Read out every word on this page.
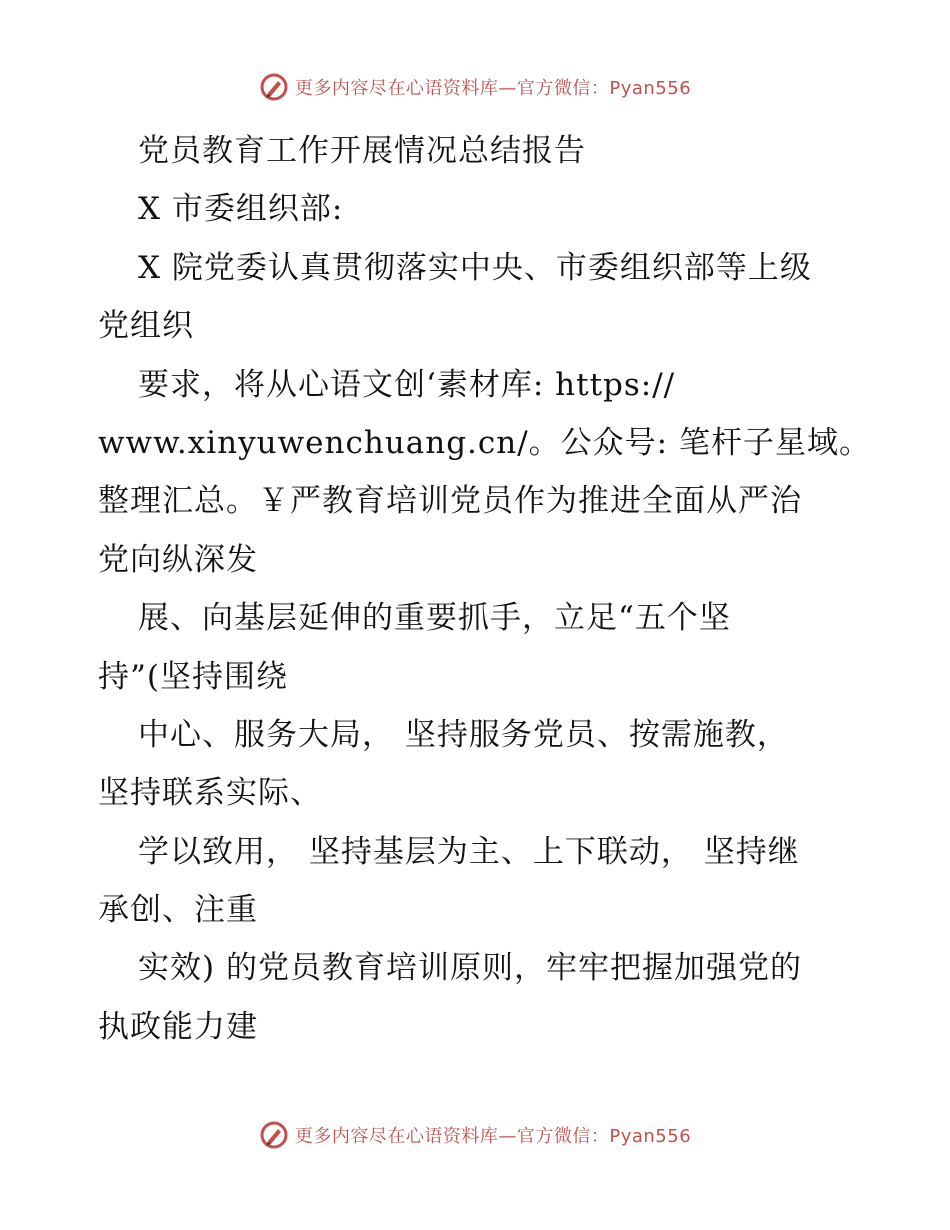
更多内容尽在心语资料库—官方微信：Pyan556
党员教育工作开展情况总结报告
X 市委组织部:
X 院党委认真贯彻落实中央、市委组织部等上级
党组织
要求，将从心语文创‘素材库: https://
www.xinyuwenchuang.cn/。公众号: 笔杆子星域。
整理汇总。￥严教育培训党员作为推进全面从严治
党向纵深发
展、向基层延伸的重要抓手，立足“五个坚
持”(坚持围绕
中心、服务大局， 坚持服务党员、按需施教，
坚持联系实际、
学以致用， 坚持基层为主、上下联动， 坚持继
承创、注重
实效) 的党员教育培训原则，牢牢把握加强党的
执政能力建
更多内容尽在心语资料库—官方微信：Pyan556
